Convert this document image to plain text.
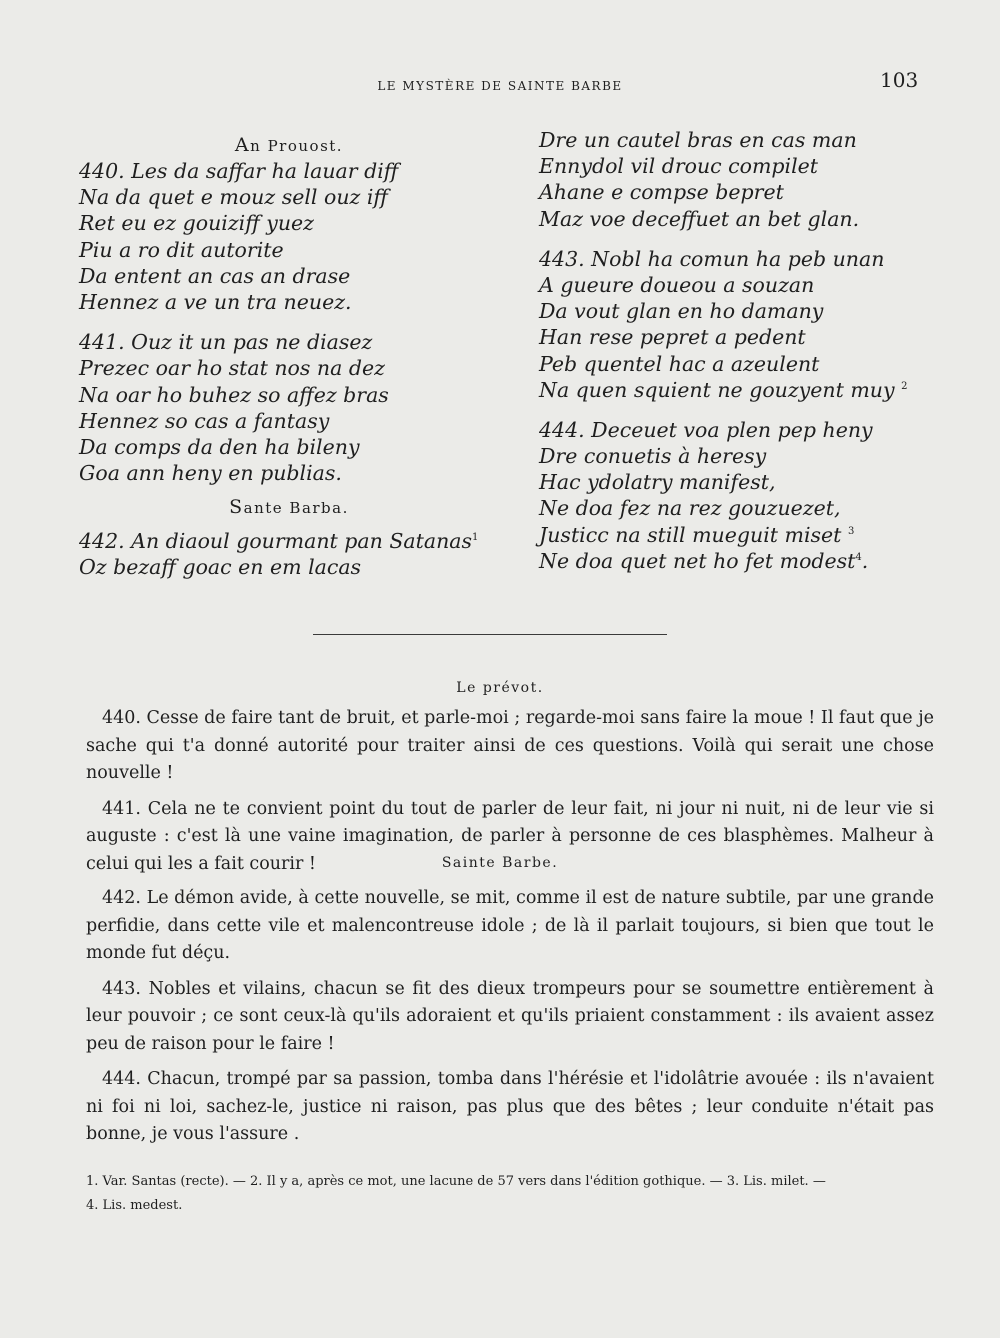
LE MYSTÈRE DE SAINTE BARBE	103
An Prouost.
440. Les da saffar ha lauar diff
Na da quet e mouz sell ouz iff
Ret eu ez gouiziff yuez
Piu a ro dit autorite
Da entent an cas an drase
Hennez a ve un tra neuez.
441. Ouz it un pas ne diasez
Prezec oar ho stat nos na dez
Na oar ho buhez so affez bras
Hennez so cas a fantasy
Da comps da den ha bileny
Goa ann heny en publias.
Sante Barba.
442. An diaoul gourmant pan Satanas$^1$
Oz bezaff goac en em lacas
Dre un cautel bras en cas man
Ennydol vil drouc compilet
Ahane e compse bepret
Maz voe deceffuet an bet glan.
443. Nobl ha comun ha peb unan
A gueure doueou a souzan
Da vout glan en ho damany
Han rese pepret a pedent
Peb quentel hac a azeulent
Na quen squient ne gouzyent muy $^2$
444. Deceuet voa plen pep heny
Dre conuetis à heresy
Hac ydolatry manifest,
Ne doa fez na rez gouzuezet,
Justicc na still mueguit miset $^3$
Ne doa quet net ho fet modest$^4$.
Le prévot.

440. Cesse de faire tant de bruit, et parle-moi ; regarde-moi sans faire la moue ! Il faut que je sache qui t'a donné autorité pour traiter ainsi de ces questions. Voilà qui serait une chose nouvelle !

441. Cela ne te convient point du tout de parler de leur fait, ni jour ni nuit, ni de leur vie si auguste : c'est là une vaine imagination, de parler à personne de ces blasphèmes. Malheur à celui qui les a fait courir !	Sainte Barbe.

442. Le démon avide, à cette nouvelle, se mit, comme il est de nature subtile, par une grande perfidie, dans cette vile et malencontreuse idole ; de là il parlait toujours, si bien que tout le monde fut déçu.

443. Nobles et vilains, chacun se fit des dieux trompeurs pour se soumettre entièrement à leur pouvoir ; ce sont ceux-là qu'ils adoraient et qu'ils priaient constamment : ils avaient assez peu de raison pour le faire !

444. Chacun, trompé par sa passion, tomba dans l'hérésie et l'idolâtrie avouée : ils n'avaient ni foi ni loi, sachez-le, justice ni raison, pas plus que des bêtes ; leur conduite n'était pas bonne, je vous l'assure .

1. Var. Santas (recte). — 2. Il y a, après ce mot, une lacune de 57 vers dans l'édition gothique. — 3. Lis. milet. —
4. Lis. medest.
